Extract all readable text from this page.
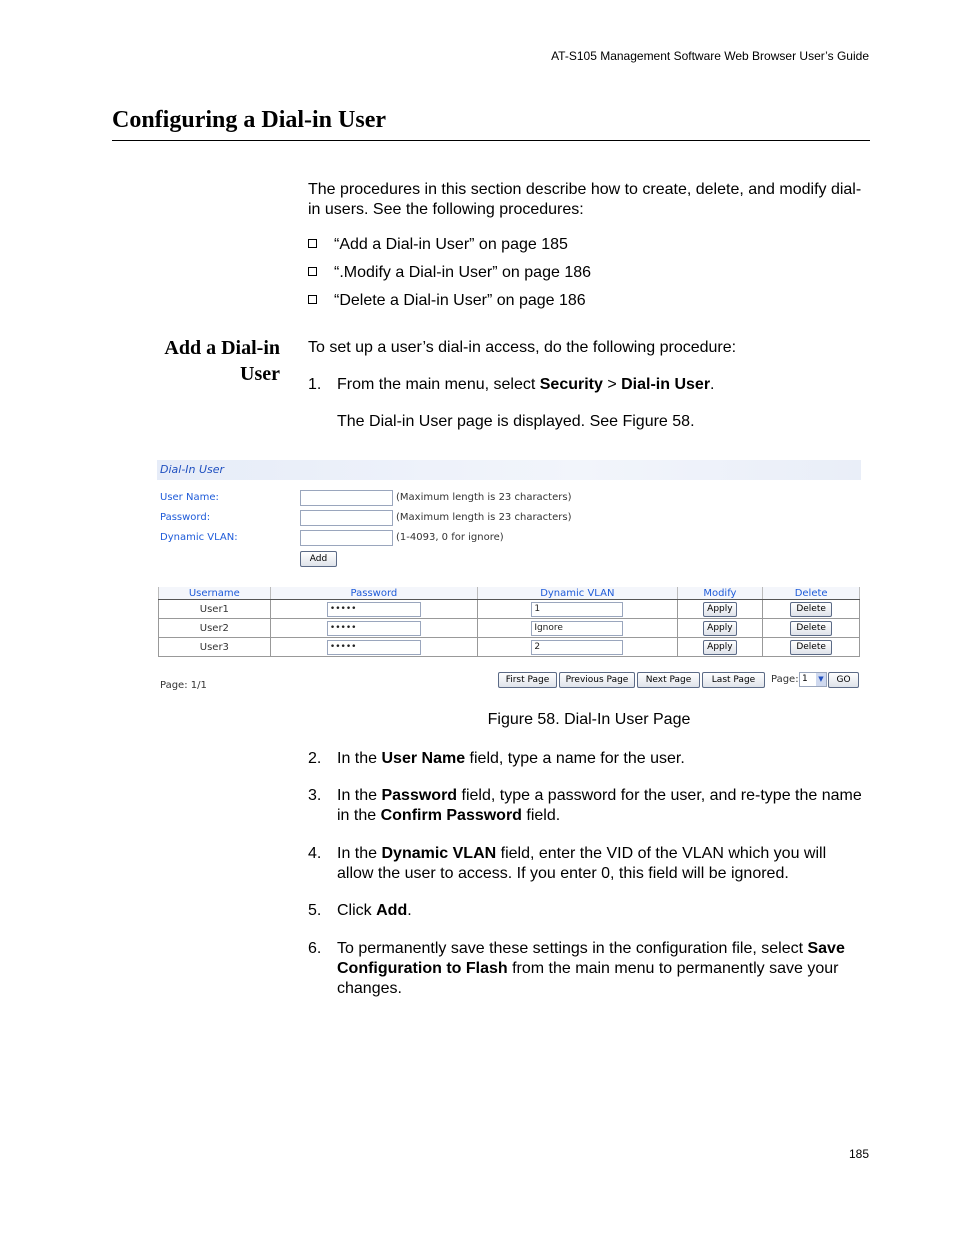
AT-S105 Management Software Web Browser User’s Guide
Configuring a Dial-in User

The procedures in this section describe how to create, delete, and modify dial-in users. See the following procedures:

“Add a Dial-in User” on page 185
“.Modify a Dial-in User” on page 186
“Delete a Dial-in User” on page 186
Add a Dial-in
User
To set up a user’s dial-in access, do the following procedure:
1. From the main menu, select Security > Dial-in User.
The Dial-in User page is displayed. See Figure 58.
Dial-In User
User Name:	(Maximum length is 23 characters)
Password:	(Maximum length is 23 characters)
Dynamic VLAN:	(1-4093, 0 for ignore)
Add
Username	Password	Dynamic VLAN	Modify	Delete
User1	•••••	1	Apply	Delete
User2	•••••	Ignore	Apply	Delete
User3	•••••	2	Apply	Delete
Page: 1/1	First Page	Previous Page	Next Page	Last Page	Page: 1	▼	GO
Figure 58. Dial-In User Page
2. In the User Name field, type a name for the user.
3. In the Password field, type a password for the user, and re-type the name in the Confirm Password field.
4. In the Dynamic VLAN field, enter the VID of the VLAN which you will allow the user to access. If you enter 0, this field will be ignored.
5. Click Add.
6. To permanently save these settings in the configuration file, select Save Configuration to Flash from the main menu to permanently save your changes.
185
